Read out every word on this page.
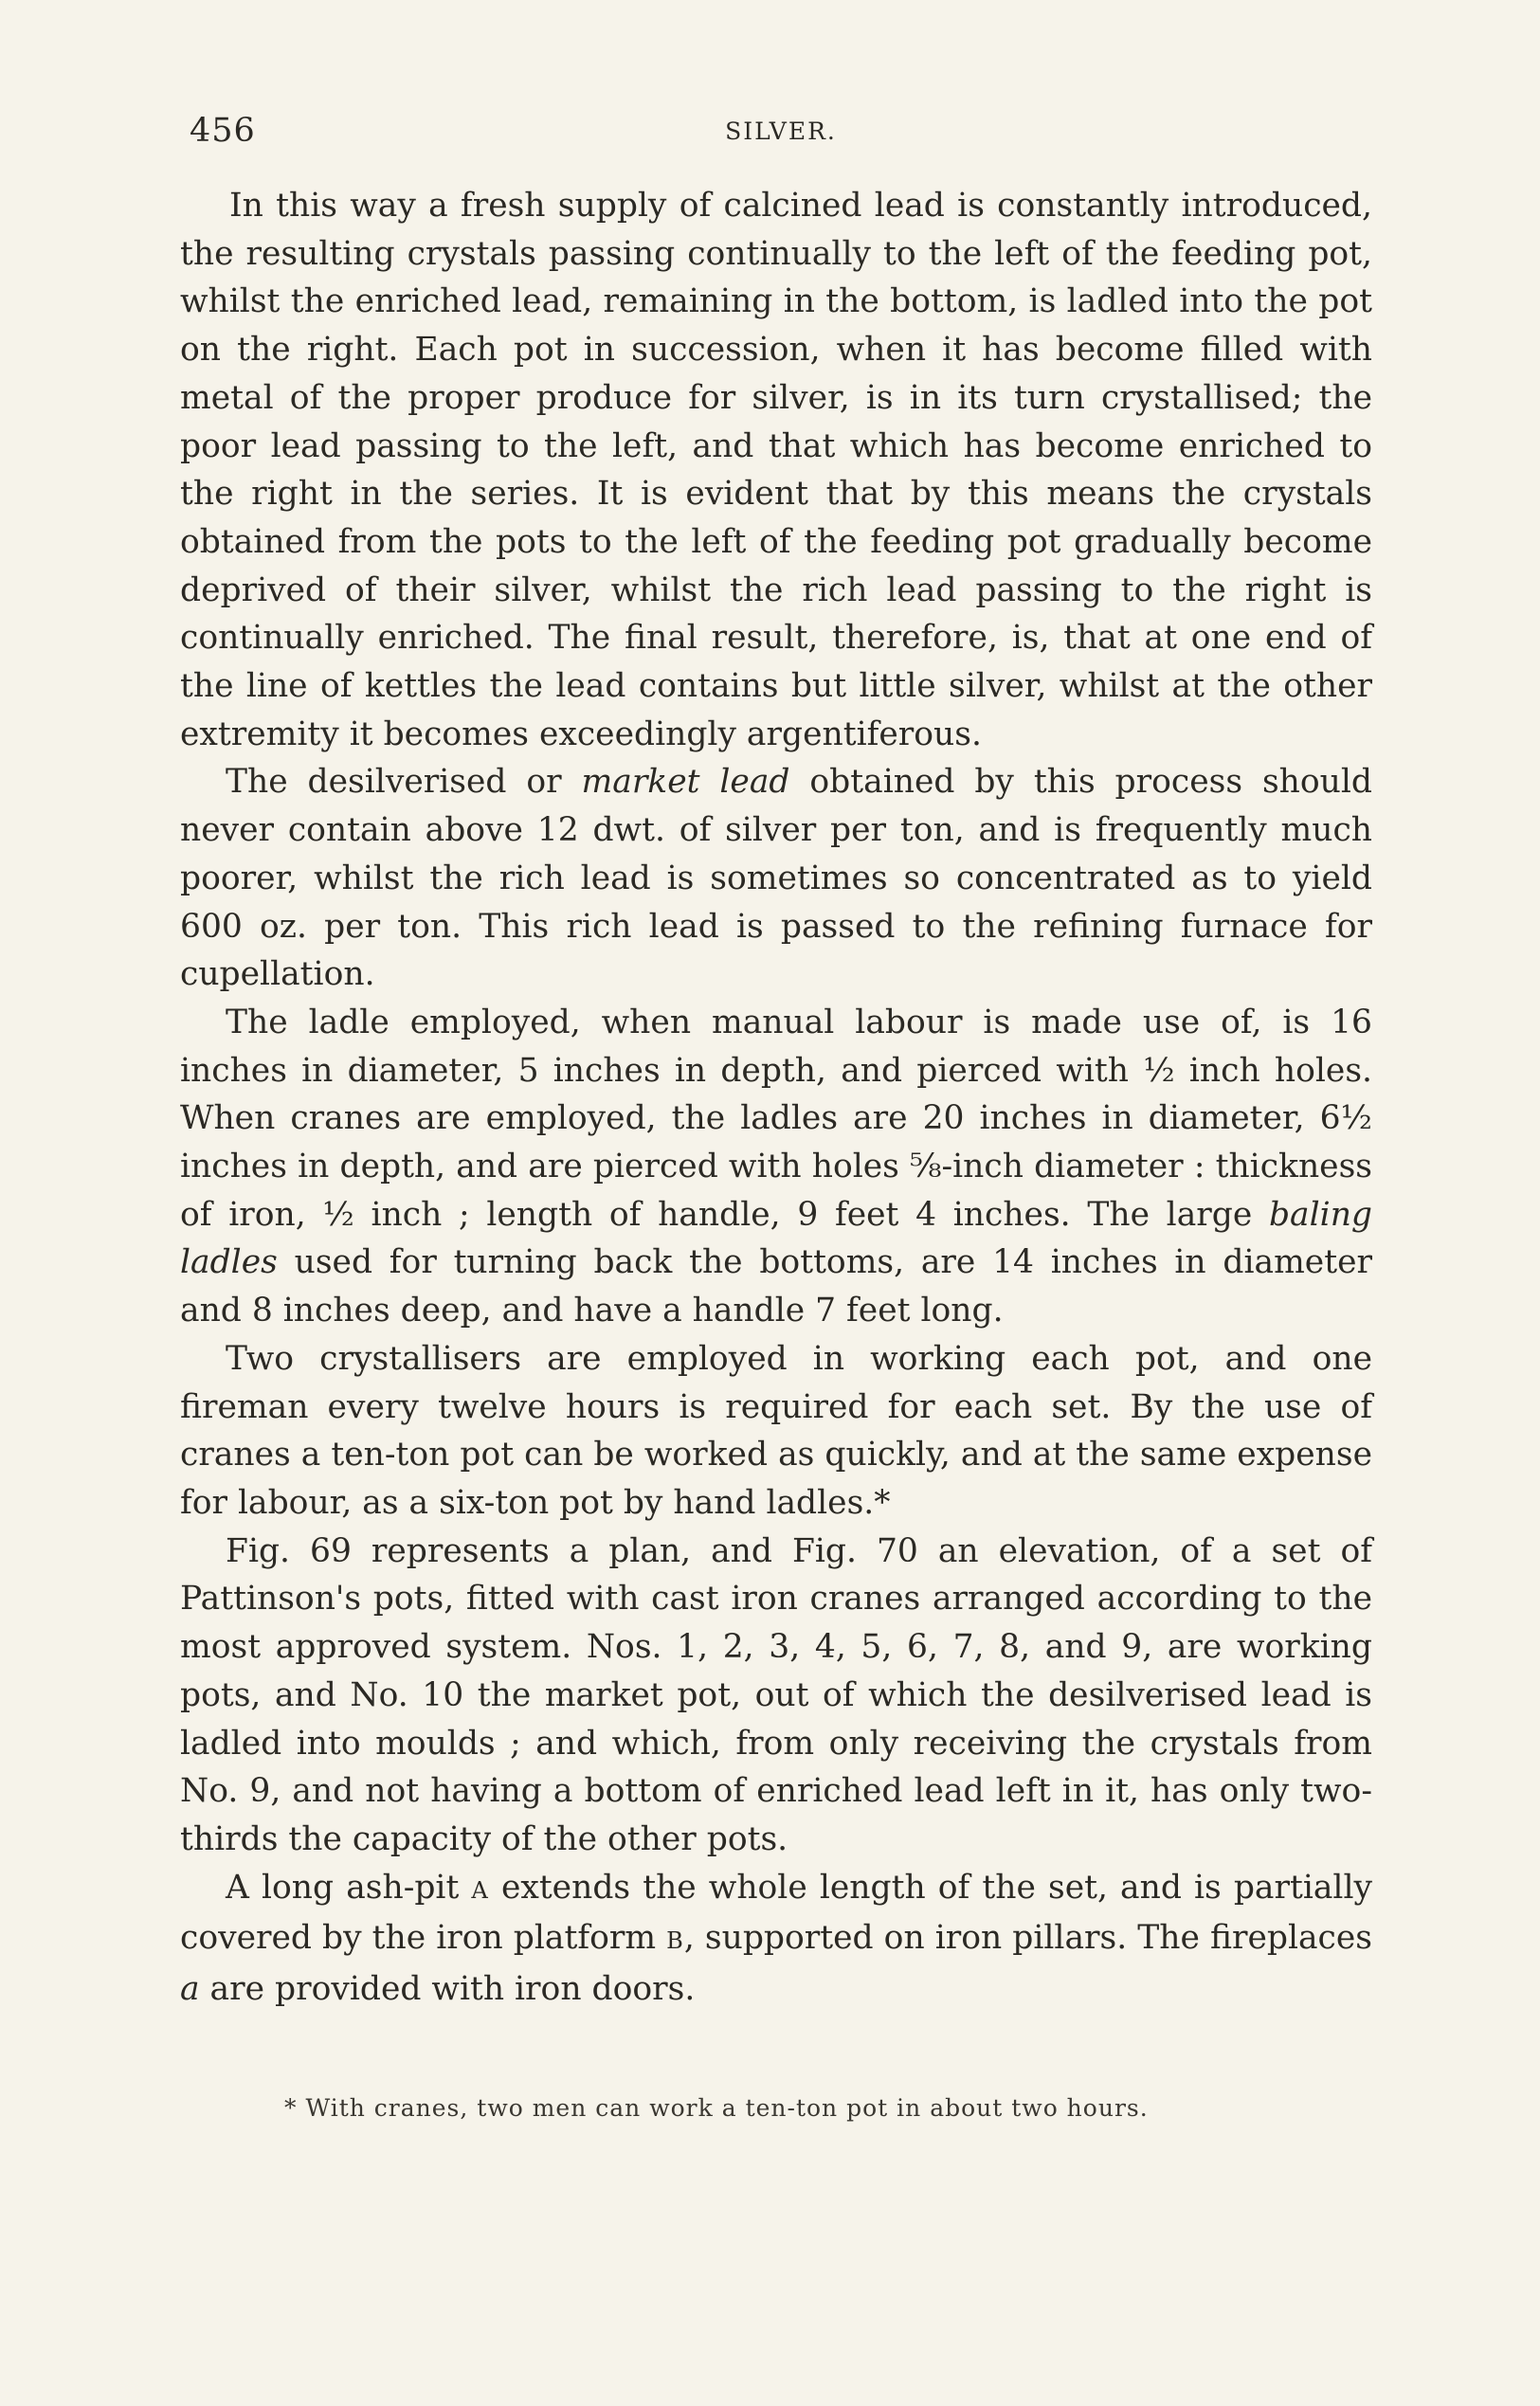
456	SILVER.

In this way a fresh supply of calcined lead is constantly introduced, the resulting crystals passing continually to the left of the feeding pot, whilst the enriched lead, remaining in the bottom, is ladled into the pot on the right. Each pot in succession, when it has become filled with metal of the proper produce for silver, is in its turn crystallised; the poor lead passing to the left, and that which has become enriched to the right in the series. It is evident that by this means the crystals obtained from the pots to the left of the feeding pot gradually become deprived of their silver, whilst the rich lead passing to the right is continually enriched. The final result, therefore, is, that at one end of the line of kettles the lead contains but little silver, whilst at the other extremity it becomes exceedingly argentiferous.

The desilverised or market lead obtained by this process should never contain above 12 dwt. of silver per ton, and is frequently much poorer, whilst the rich lead is sometimes so concentrated as to yield 600 oz. per ton. This rich lead is passed to the refining furnace for cupellation.

The ladle employed, when manual labour is made use of, is 16 inches in diameter, 5 inches in depth, and pierced with ½ inch holes. When cranes are employed, the ladles are 20 inches in diameter, 6½ inches in depth, and are pierced with holes ⅝-inch diameter : thickness of iron, ½ inch ; length of handle, 9 feet 4 inches. The large baling ladles used for turning back the bottoms, are 14 inches in diameter and 8 inches deep, and have a handle 7 feet long.

Two crystallisers are employed in working each pot, and one fireman every twelve hours is required for each set. By the use of cranes a ten-ton pot can be worked as quickly, and at the same expense for labour, as a six-ton pot by hand ladles.*

Fig. 69 represents a plan, and Fig. 70 an elevation, of a set of Pattinson's pots, fitted with cast iron cranes arranged according to the most approved system. Nos. 1, 2, 3, 4, 5, 6, 7, 8, and 9, are working pots, and No. 10 the market pot, out of which the desilverised lead is ladled into moulds ; and which, from only receiving the crystals from No. 9, and not having a bottom of enriched lead left in it, has only two-thirds the capacity of the other pots.

A long ash-pit A extends the whole length of the set, and is partially covered by the iron platform B, supported on iron pillars. The fireplaces a are provided with iron doors.

* With cranes, two men can work a ten-ton pot in about two hours.
